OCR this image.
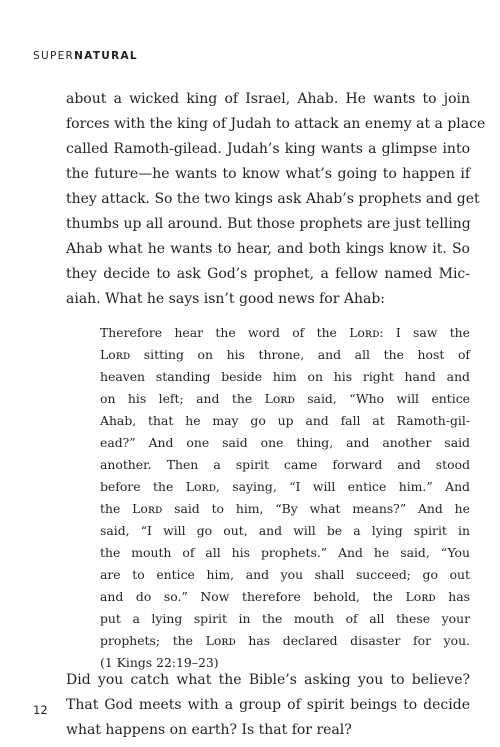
SUPERNATURAL
about a wicked king of Israel, Ahab. He wants to join
forces with the king of Judah to attack an enemy at a place
called Ramoth-gilead. Judah’s king wants a glimpse into
the future—he wants to know what’s going to happen if
they attack. So the two kings ask Ahab’s prophets and get
thumbs up all around. But those prophets are just telling
Ahab what he wants to hear, and both kings know it. So
they decide to ask God’s prophet, a fellow named Mic-
aiah. What he says isn’t good news for Ahab:
Therefore hear the word of the Lᴏʀᴅ: I saw the
Lᴏʀᴅ sitting on his throne, and all the host of
heaven standing beside him on his right hand and
on his left; and the Lᴏʀᴅ said, “Who will entice
Ahab, that he may go up and fall at Ramoth-gil-
ead?” And one said one thing, and another said
another. Then a spirit came forward and stood
before the Lᴏʀᴅ, saying, “I will entice him.” And
the Lᴏʀᴅ said to him, “By what means?” And he
said, “I will go out, and will be a lying spirit in
the mouth of all his prophets.” And he said, “You
are to entice him, and you shall succeed; go out
and do so.” Now therefore behold, the Lᴏʀᴅ has
put a lying spirit in the mouth of all these your
prophets; the Lᴏʀᴅ has declared disaster for you.
(1 Kings 22:19–23)
Did you catch what the Bible’s asking you to believe?
That God meets with a group of spirit beings to decide
what happens on earth? Is that for real?
12
